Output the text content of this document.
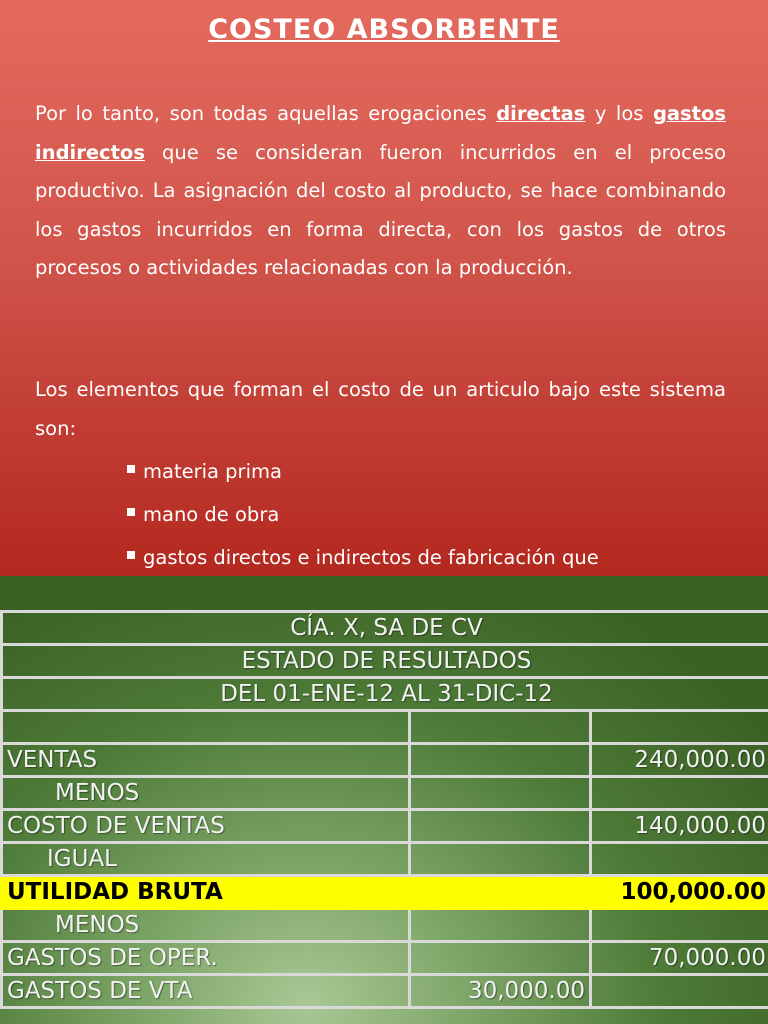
COSTEO ABSORBENTE

Por lo tanto, son todas aquellas erogaciones directas y los gastos indirectos que se consideran fueron incurridos en el proceso productivo. La asignación del costo al producto, se hace combinando los gastos incurridos en forma directa, con los gastos de otros procesos o actividades relacionadas con la producción.

Los elementos que forman el costo de un articulo bajo este sistema son:

materia prima
mano de obra
gastos directos e indirectos de fabricación que
CÍA. X, SA DE CV		
ESTADO DE RESULTADOS		
DEL 01-ENE-12 AL 31-DIC-12		

VENTAS		240,000.00
MENOS		
COSTO DE VENTAS		140,000.00
IGUAL		
UTILIDAD BRUTA		100,000.00
MENOS		
GASTOS DE OPER.		70,000.00
GASTOS DE VTA	30,000.00	
